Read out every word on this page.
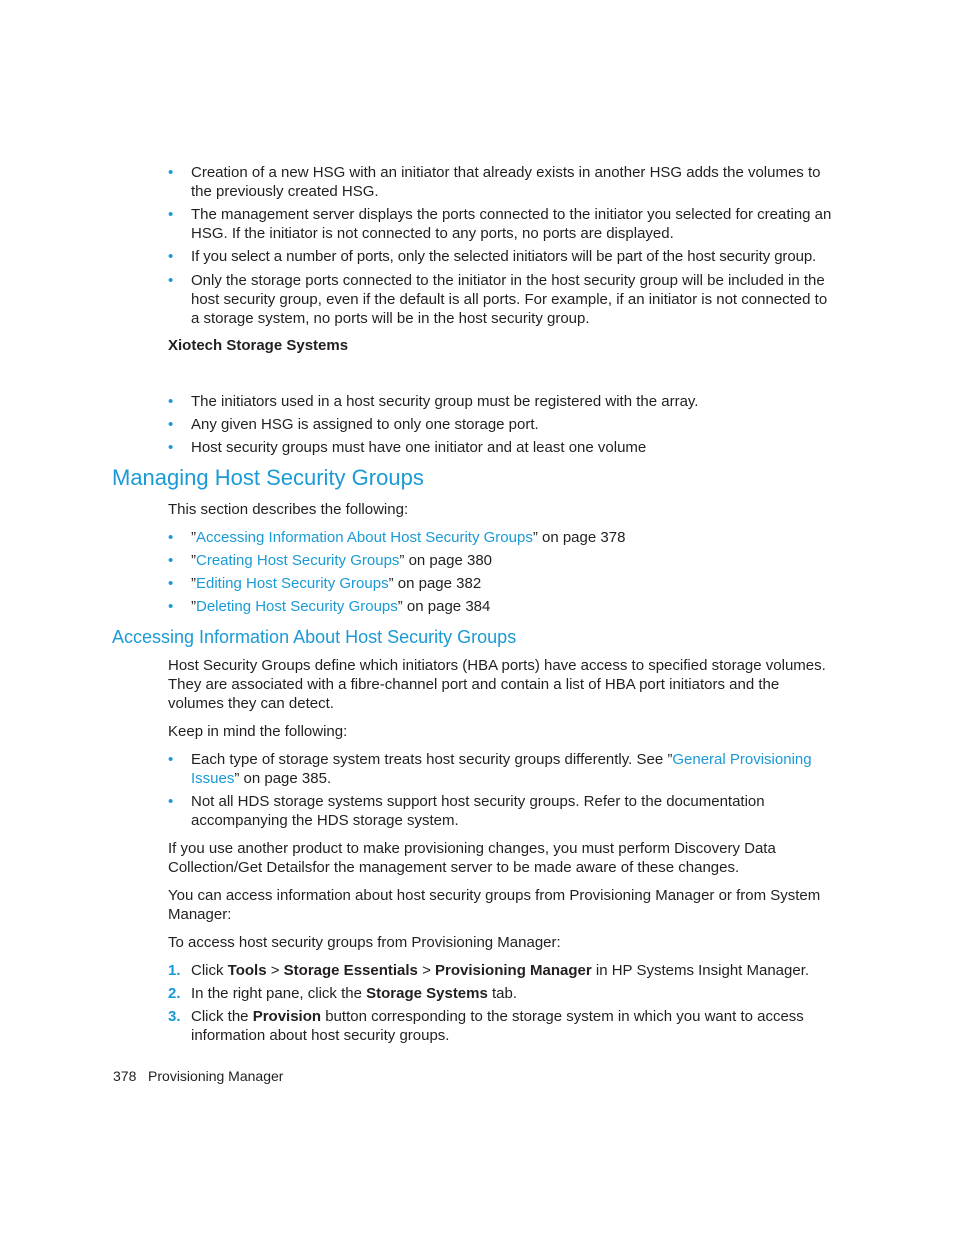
• Creation of a new HSG with an initiator that already exists in another HSG adds the volumes to the previously created HSG.
• The management server displays the ports connected to the initiator you selected for creating an HSG. If the initiator is not connected to any ports, no ports are displayed.
• If you select a number of ports, only the selected initiators will be part of the host security group.
• Only the storage ports connected to the initiator in the host security group will be included in the host security group, even if the default is all ports. For example, if an initiator is not connected to a storage system, no ports will be in the host security group.
Xiotech Storage Systems
• The initiators used in a host security group must be registered with the array.
• Any given HSG is assigned to only one storage port.
• Host security groups must have one initiator and at least one volume
Managing Host Security Groups
This section describes the following:
• ”Accessing Information About Host Security Groups” on page 378
• ”Creating Host Security Groups” on page 380
• ”Editing Host Security Groups” on page 382
• ”Deleting Host Security Groups” on page 384
Accessing Information About Host Security Groups

Host Security Groups define which initiators (HBA ports) have access to specified storage volumes. They are associated with a fibre-channel port and contain a list of HBA port initiators and the volumes they can detect.

Keep in mind the following:

• Each type of storage system treats host security groups differently. See ”General Provisioning Issues” on page 385.
• Not all HDS storage systems support host security groups. Refer to the documentation accompanying the HDS storage system.

If you use another product to make provisioning changes, you must perform Discovery Data Collection/Get Detailsfor the management server to be made aware of these changes.

You can access information about host security groups from Provisioning Manager or from System Manager:

To access host security groups from Provisioning Manager:

1. Click Tools > Storage Essentials > Provisioning Manager in HP Systems Insight Manager.
2. In the right pane, click the Storage Systems tab.
3. Click the Provision button corresponding to the storage system in which you want to access information about host security groups.
378 Provisioning Manager
